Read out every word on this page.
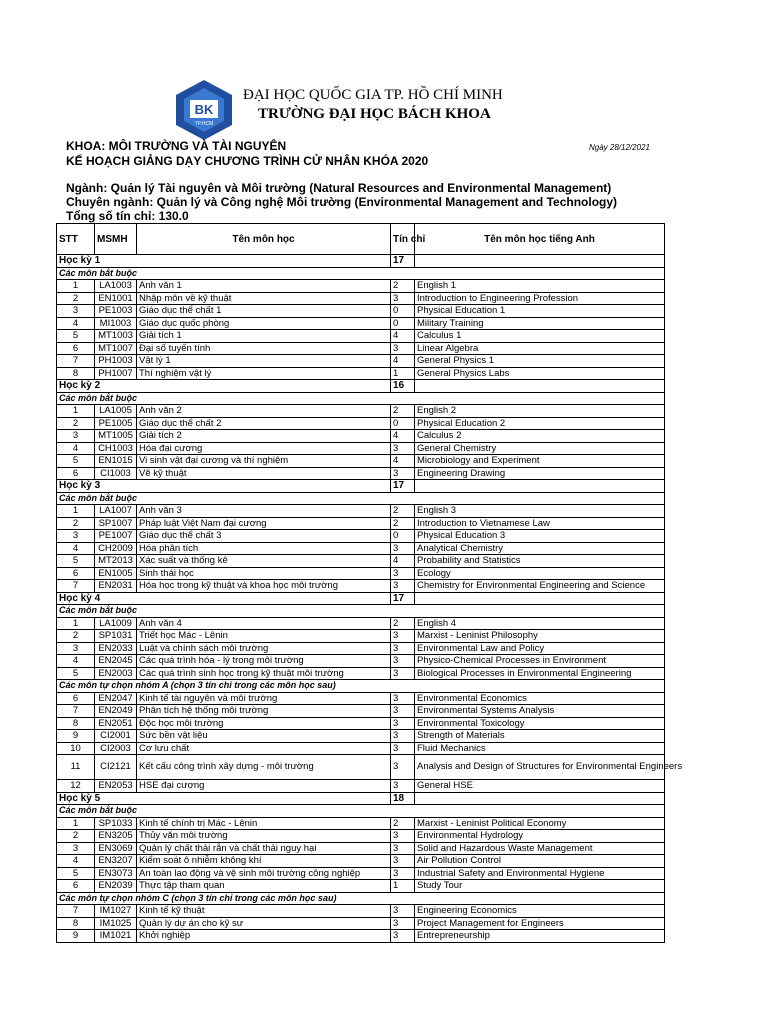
BK
TP.HCM
ĐẠI HỌC QUỐC GIA TP. HỒ CHÍ MINH
TRƯỜNG ĐẠI HỌC BÁCH KHOA
KHOA: MÔI TRƯỜNG VÀ TÀI NGUYÊN
KẾ HOẠCH GIẢNG DẠY CHƯƠNG TRÌNH CỬ NHÂN KHÓA 2020
Ngày 28/12/2021
Ngành: Quản lý Tài nguyên và Môi trường (Natural Resources and Environmental Management)
Chuyên ngành: Quản lý và Công nghệ Môi trường (Environmental Management and Technology)
Tổng số tín chỉ: 130.0
STT	MSMH	Tên môn học	Tín chỉ	Tên môn học tiếng Anh
Học kỳ 1			17	
Các môn bắt buộc				
1	LA1003	Anh văn 1	2	English 1
2	EN1001	Nhập môn về kỹ thuật	3	Introduction to Engineering Profession
3	PE1003	Giáo dục thể chất 1	0	Physical Education 1
4	MI1003	Giáo dục quốc phòng	0	Military Training
5	MT1003	Giải tích 1	4	Calculus 1
6	MT1007	Đại số tuyến tính	3	Linear Algebra
7	PH1003	Vật lý 1	4	General Physics 1
8	PH1007	Thí nghiệm vật lý	1	General Physics Labs
Học kỳ 2			16	
Các môn bắt buộc				
1	LA1005	Anh văn 2	2	English 2
2	PE1005	Giáo dục thể chất 2	0	Physical Education 2
3	MT1005	Giải tích 2	4	Calculus 2
4	CH1003	Hóa đại cương	3	General Chemistry
5	EN1015	Vi sinh vật đại cương và thí nghiệm	4	Microbiology and Experiment
6	CI1003	Vẽ kỹ thuật	3	Engineering Drawing
Học kỳ 3			17	
Các môn bắt buộc				
1	LA1007	Anh văn 3	2	English 3
2	SP1007	Pháp luật Việt Nam đại cương	2	Introduction to Vietnamese Law
3	PE1007	Giáo dục thể chất 3	0	Physical Education 3
4	CH2009	Hóa phân tích	3	Analytical Chemistry
5	MT2013	Xác suất và thống kê	4	Probability and Statistics
6	EN1005	Sinh thái học	3	Ecology
7	EN2031	Hóa học trong kỹ thuật và khoa học môi trường	3	Chemistry for Environmental Engineering and Science
Học kỳ 4			17	
Các môn bắt buộc				
1	LA1009	Anh văn 4	2	English 4
2	SP1031	Triết học Mác - Lênin	3	Marxist - Leninist Philosophy
3	EN2033	Luật và chính sách môi trường	3	Environmental Law and Policy
4	EN2045	Các quá trình hóa - lý trong môi trường	3	Physico-Chemical Processes in Environment
5	EN2003	Các quá trình sinh học trong kỹ thuật môi trường	3	Biological Processes in Environmental Engineering
Các môn tự chọn nhóm A (chọn 3 tín chỉ trong các môn học sau)				
6	EN2047	Kinh tế tài nguyên và môi trường	3	Environmental Economics
7	EN2049	Phân tích hệ thống môi trường	3	Environmental Systems Analysis
8	EN2051	Độc học môi trường	3	Environmental Toxicology
9	CI2001	Sức bền vật liệu	3	Strength of Materials
10	CI2003	Cơ lưu chất	3	Fluid Mechanics
11	CI2121	Kết cấu công trình xây dựng - môi trường	3	Analysis and Design of Structures for Environmental Engineers
12	EN2053	HSE đại cương	3	General HSE
Học kỳ 5			18	
Các môn bắt buộc				
1	SP1033	Kinh tế chính trị Mác - Lênin	2	Marxist - Leninist Political Economy
2	EN3205	Thủy văn môi trường	3	Environmental Hydrology
3	EN3069	Quản lý chất thải rắn và chất thải nguy hại	3	Solid and Hazardous Waste Management
4	EN3207	Kiểm soát ô nhiễm không khí	3	Air Pollution Control
5	EN3073	An toàn lao động và vệ sinh môi trường công nghiệp	3	Industrial Safety and Environmental Hygiene
6	EN2039	Thực tập tham quan	1	Study Tour
Các môn tự chọn nhóm C (chọn 3 tín chỉ trong các môn học sau)				
7	IM1027	Kinh tế kỹ thuật	3	Engineering Economics
8	IM1025	Quản lý dự án cho kỹ sư	3	Project Management for Engineers
9	IM1021	Khởi nghiệp	3	Entrepreneurship
